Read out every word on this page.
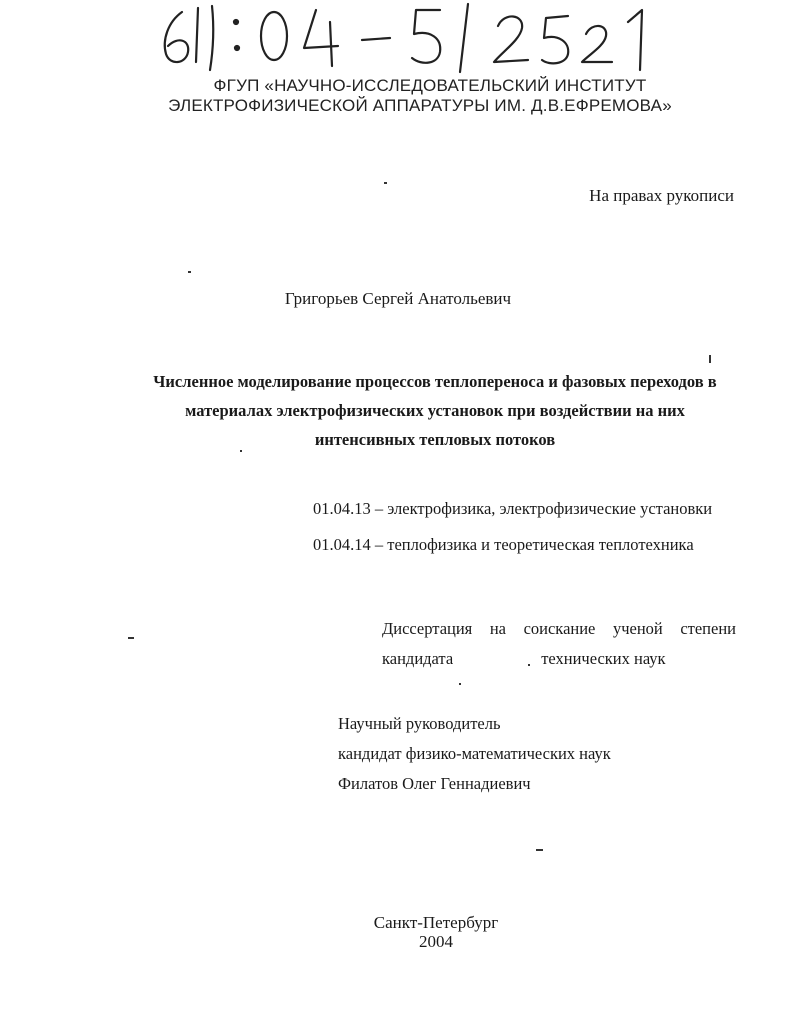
ФГУП «НАУЧНО-ИССЛЕДОВАТЕЛЬСКИЙ ИНСТИТУТ
ЭЛЕКТРОФИЗИЧЕСКОЙ АППАРАТУРЫ ИМ. Д.В.ЕФРЕМОВА»
На правах рукописи
Григорьев Сергей Анатольевич
Численное моделирование процессов теплопереноса и фазовых переходов в
материалах электрофизических установок при воздействии на них
интенсивных тепловых потоков
01.04.13 – электрофизика, электрофизические установки
01.04.14 – теплофизика и теоретическая теплотехника
Диссертация на соискание ученой степени
кандидата	технических наук
Научный руководитель
кандидат физико-математических наук
Филатов Олег Геннадиевич
Санкт-Петербург
2004
